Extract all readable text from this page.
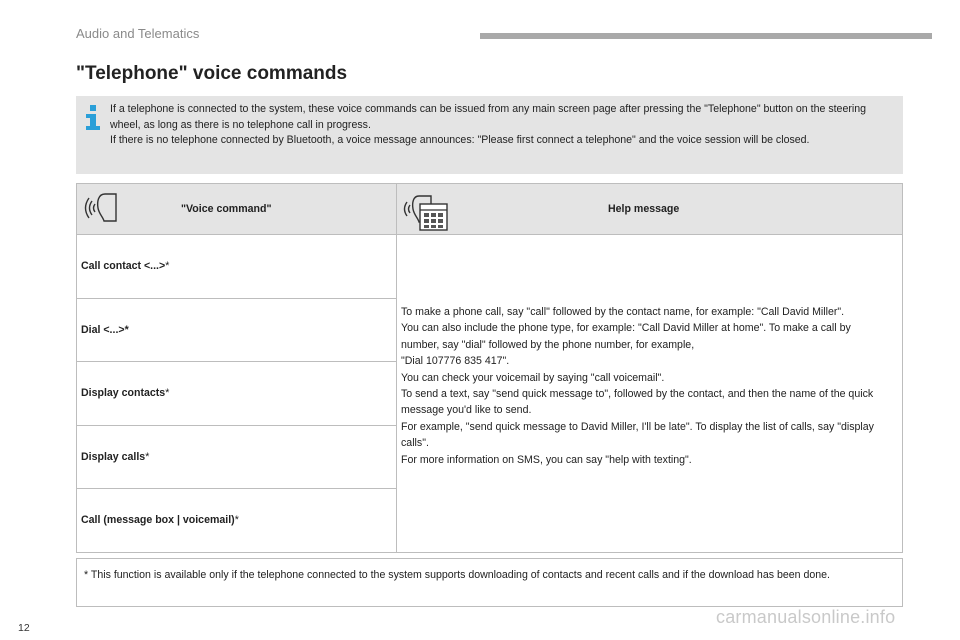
Audio and Telematics
"Telephone" voice commands

If a telephone is connected to the system, these voice commands can be issued from any main screen page after pressing the "Telephone" button on the steering wheel, as long as there is no telephone call in progress.

If there is no telephone connected by Bluetooth, a voice message announces: "Please first connect a telephone" and the voice session will be closed.

"Voice command"	Help message
Call contact <...>*
Dial <...>*
Display contacts*
Display calls*
Call (message box | voicemail)*

To make a phone call, say "call" followed by the contact name, for example: "Call David Miller".

You can also include the phone type, for example: "Call David Miller at home". To make a call by number, say "dial" followed by the phone number, for example,

"Dial 107776 835 417".

You can check your voicemail by saying "call voicemail".

To send a text, say "send quick message to", followed by the contact, and then the name of the quick message you'd like to send.

For example, "send quick message to David Miller, I'll be late". To display the list of calls, say "display calls".

For more information on SMS, you can say "help with texting".

* This function is available only if the telephone connected to the system supports downloading of contacts and recent calls and if the download has been done.
12
carmanualsonline.info
